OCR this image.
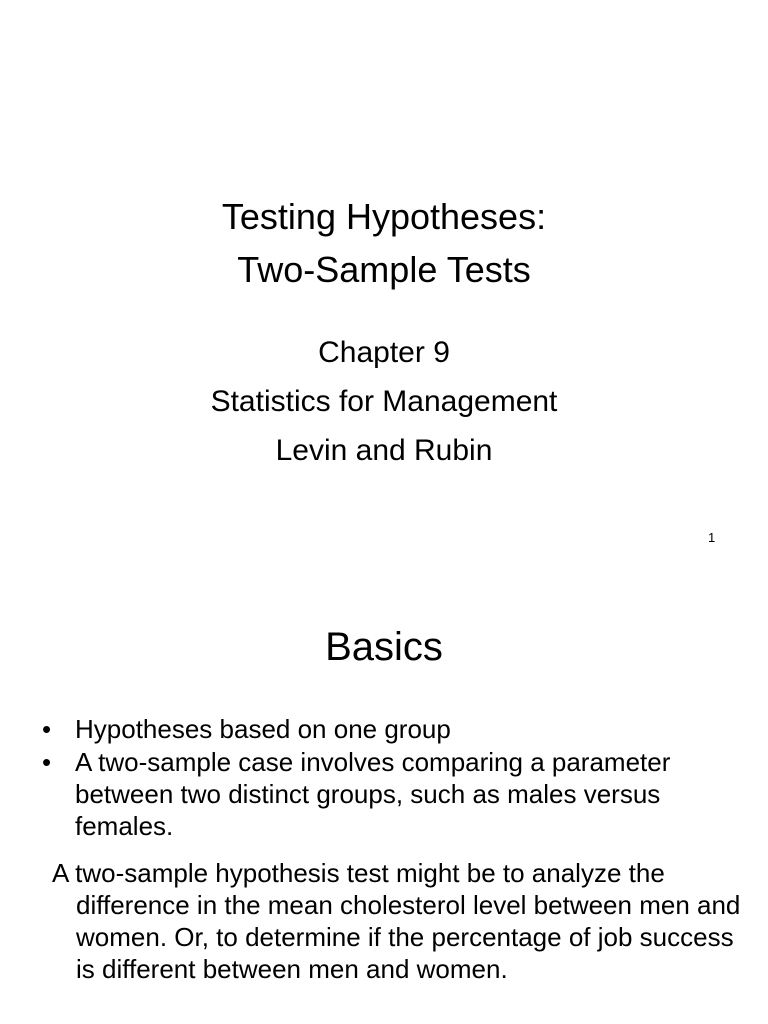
Testing Hypotheses:
Two-Sample Tests
Chapter 9
Statistics for Management
Levin and Rubin
1
Basics
• Hypotheses based on one group
• A two-sample case involves comparing a parameter between two distinct groups, such as males versus females.
A two-sample hypothesis test might be to analyze the difference in the mean cholesterol level between men and women. Or, to determine if the percentage of job success is different between men and women.
